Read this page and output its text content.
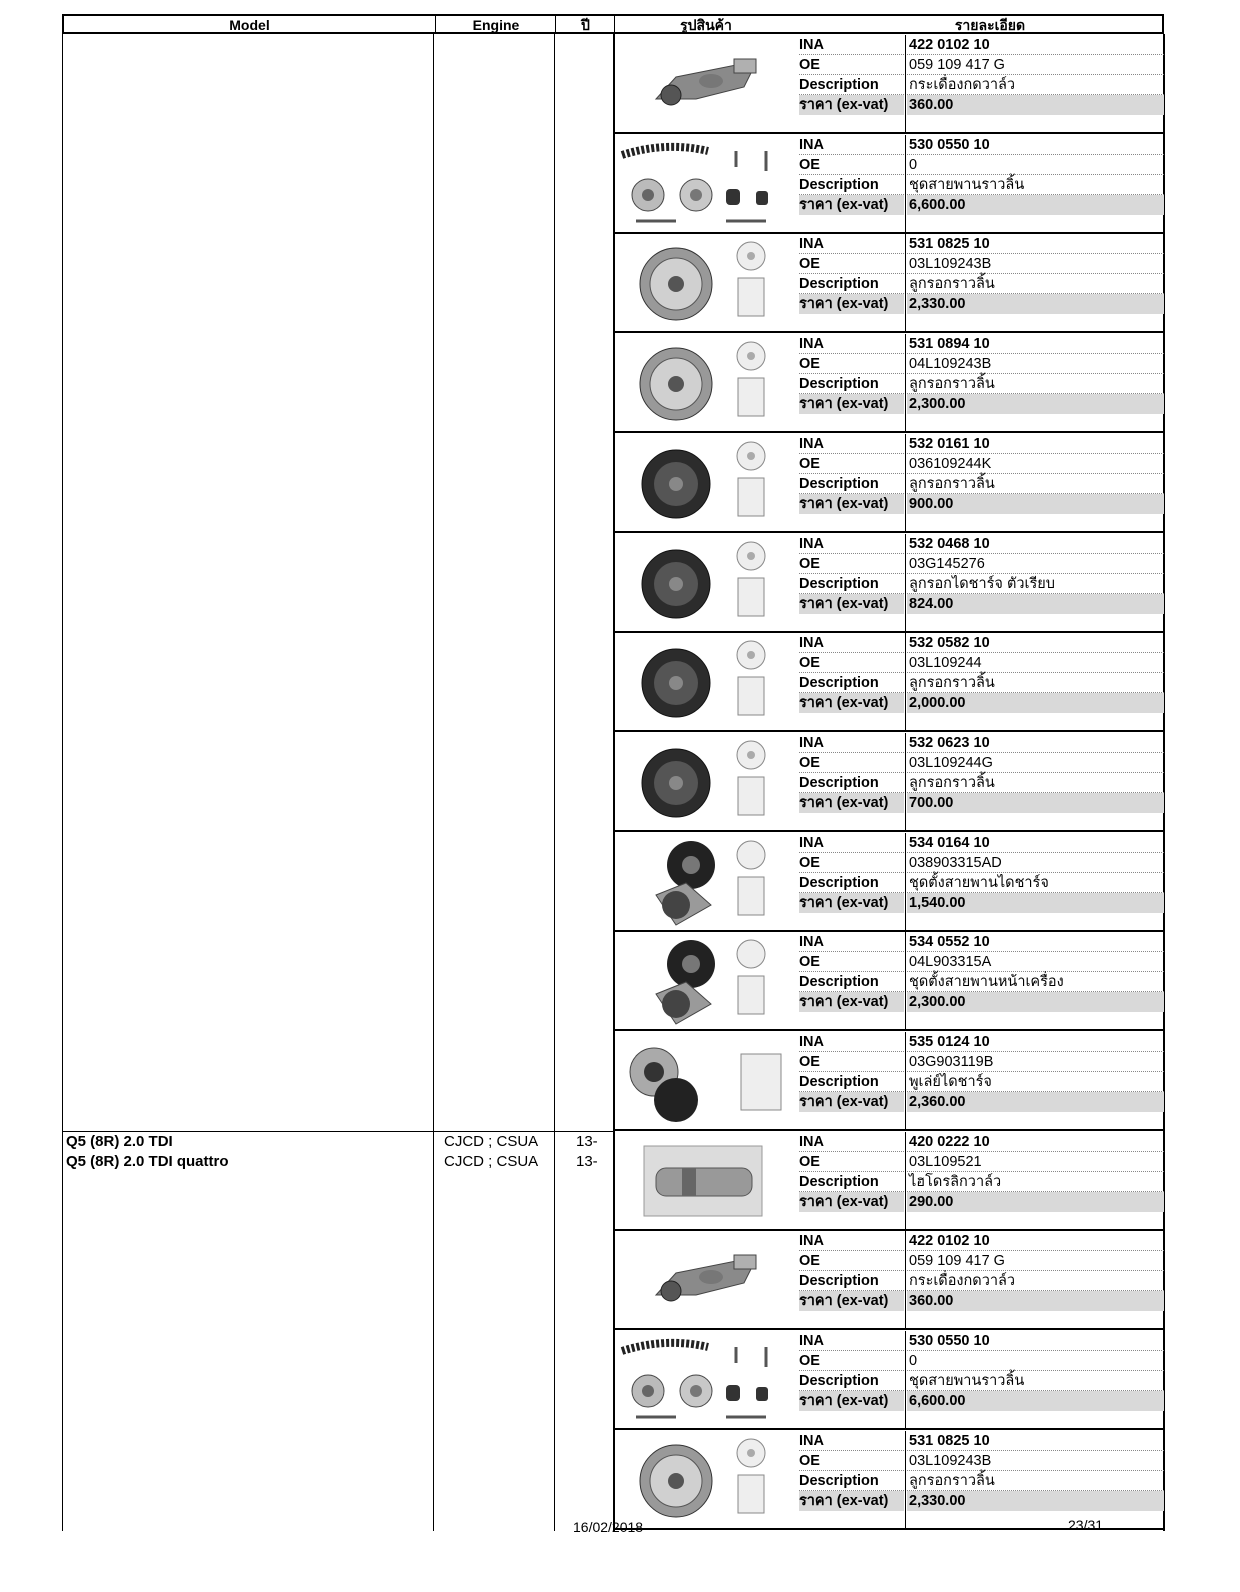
Model	Engine	ปี	รูปสินค้า	รายละเอียด
Q5 (8R) 2.0 TDI	CJCD ; CSUA	13-
Q5 (8R) 2.0 TDI quattro	CJCD ; CSUA	13-
INA	422 0102 10
OE	059 109 417 G
Description	กระเดื่องกดวาล์ว
ราคา (ex-vat)	360.00
INA	530 0550 10
OE	0
Description	ชุดสายพานราวลิ้น
ราคา (ex-vat)	6,600.00
INA	531 0825 10
OE	03L109243B
Description	ลูกรอกราวลิ้น
ราคา (ex-vat)	2,330.00
INA	531 0894 10
OE	04L109243B
Description	ลูกรอกราวลิ้น
ราคา (ex-vat)	2,300.00
INA	532 0161 10
OE	036109244K
Description	ลูกรอกราวลิ้น
ราคา (ex-vat)	900.00
INA	532 0468 10
OE	03G145276
Description	ลูกรอกไดชาร์จ ตัวเรียบ
ราคา (ex-vat)	824.00
INA	532 0582 10
OE	03L109244
Description	ลูกรอกราวลิ้น
ราคา (ex-vat)	2,000.00
INA	532 0623 10
OE	03L109244G
Description	ลูกรอกราวลิ้น
ราคา (ex-vat)	700.00
INA	534 0164 10
OE	038903315AD
Description	ชุดตั้งสายพานไดชาร์จ
ราคา (ex-vat)	1,540.00
INA	534 0552 10
OE	04L903315A
Description	ชุดตั้งสายพานหน้าเครื่อง
ราคา (ex-vat)	2,300.00
INA	535 0124 10
OE	03G903119B
Description	พูเล่ย์ไดชาร์จ
ราคา (ex-vat)	2,360.00
INA	420 0222 10
OE	03L109521
Description	ไฮโดรลิกวาล์ว
ราคา (ex-vat)	290.00
INA	422 0102 10
OE	059 109 417 G
Description	กระเดื่องกดวาล์ว
ราคา (ex-vat)	360.00
INA	530 0550 10
OE	0
Description	ชุดสายพานราวลิ้น
ราคา (ex-vat)	6,600.00
INA	531 0825 10
OE	03L109243B
Description	ลูกรอกราวลิ้น
ราคา (ex-vat)	2,330.00
16/02/2018	23/31
